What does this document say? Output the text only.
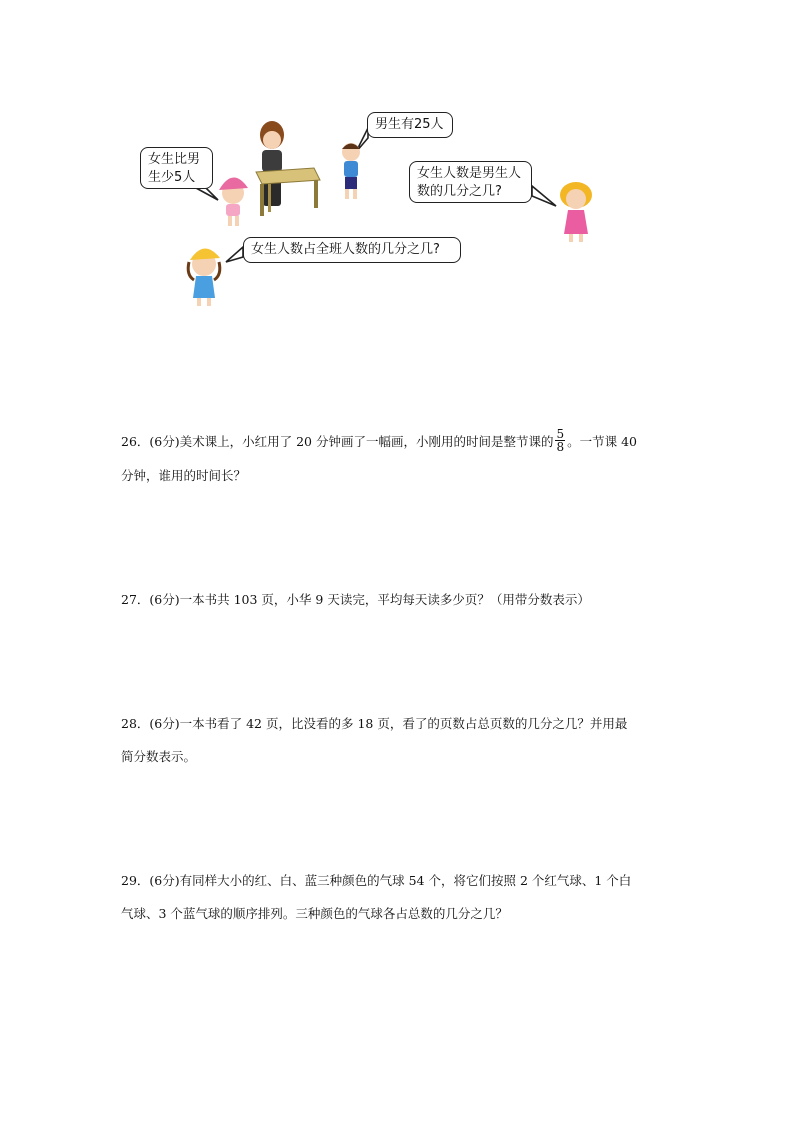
女生比男
生少5人
男生有25人
女生人数是男生人
数的几分之几?
女生人数占全班人数的几分之几?
26．(6分)美术课上，小红用了 20 分钟画了一幅画，小刚用的时间是整节课的 $\frac{5}{8}$ 。一节课 40
分钟，谁用的时间长？
27．(6分)一本书共 103 页，小华 9 天读完，平均每天读多少页？（用带分数表示）
28．(6分)一本书看了 42 页，比没看的多 18 页，看了的页数占总页数的几分之几？并用最
简分数表示。
29．(6分)有同样大小的红、白、蓝三种颜色的气球 54 个，将它们按照 2 个红气球、1 个白
气球、3 个蓝气球的顺序排列。三种颜色的气球各占总数的几分之几？
